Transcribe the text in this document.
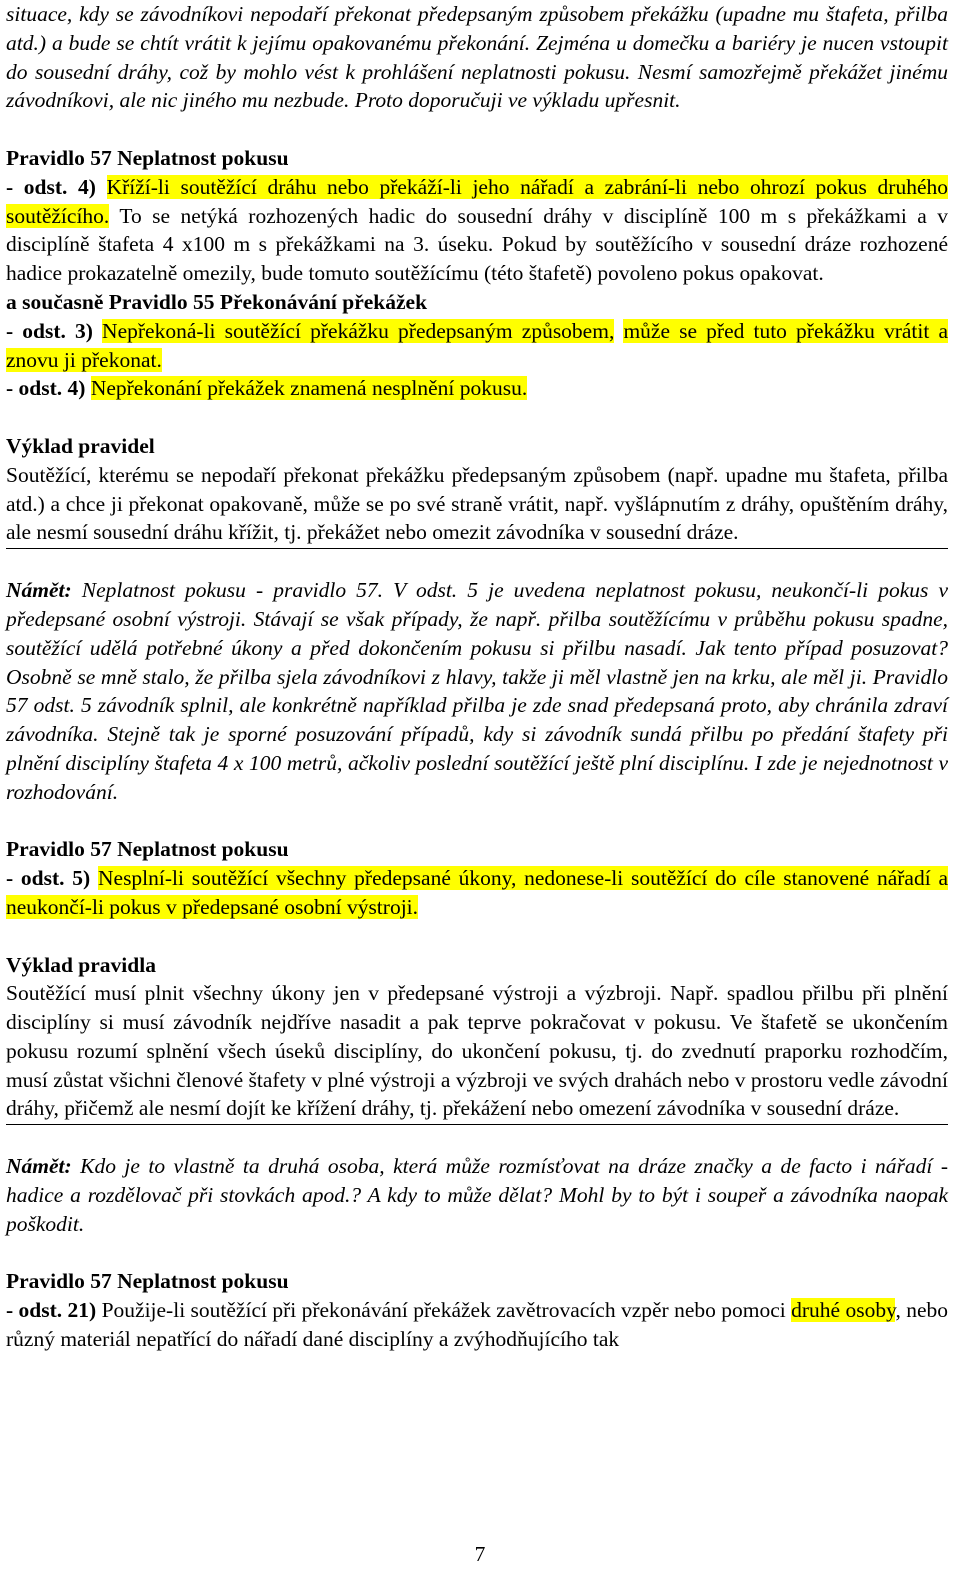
situace, kdy se závodníkovi nepodaří překonat předepsaným způsobem překážku (upadne mu štafeta, přilba atd.) a bude se chtít vrátit k jejímu opakovanému překonání. Zejména u domečku a bariéry je nucen vstoupit do sousední dráhy, což by mohlo vést k prohlášení neplatnosti pokusu. Nesmí samozřejmě překážet jinému závodníkovi, ale nic jiného mu nezbude. Proto doporučuji ve výkladu upřesnit.

Pravidlo 57 Neplatnost pokusu

- odst. 4) Kříží-li soutěžící dráhu nebo překáží-li jeho nářadí a zabrání-li nebo ohrozí pokus druhého soutěžícího. To se netýká rozhozených hadic do sousední dráhy v disciplíně 100 m s překážkami a v disciplíně štafeta 4 x100 m s překážkami na 3. úseku. Pokud by soutěžícího v sousední dráze rozhozené hadice prokazatelně omezily, bude tomuto soutěžícímu (této štafetě) povoleno pokus opakovat.

a současně Pravidlo 55 Překonávání překážek

- odst. 3) Nepřekoná-li soutěžící překážku předepsaným způsobem, může se před tuto překážku vrátit a znovu ji překonat.

- odst. 4) Nepřekonání překážek znamená nesplnění pokusu.

Výklad pravidel

Soutěžící, kterému se nepodaří překonat překážku předepsaným způsobem (např. upadne mu štafeta, přilba atd.) a chce ji překonat opakovaně, může se po své straně vrátit, např. vyšlápnutím z dráhy, opuštěním dráhy, ale nesmí sousední dráhu křížit, tj. překážet nebo omezit závodníka v sousední dráze.

Námět: Neplatnost pokusu - pravidlo 57. V odst. 5 je uvedena neplatnost pokusu, neukončí-li pokus v předepsané osobní výstroji. Stávají se však případy, že např. přilba soutěžícímu v průběhu pokusu spadne, soutěžící udělá potřebné úkony a před dokončením pokusu si přilbu nasadí. Jak tento případ posuzovat? Osobně se mně stalo, že přilba sjela závodníkovi z hlavy, takže ji měl vlastně jen na krku, ale měl ji. Pravidlo 57 odst. 5 závodník splnil, ale konkrétně například přilba je zde snad předepsaná proto, aby chránila zdraví závodníka. Stejně tak je sporné posuzování případů, kdy si závodník sundá přilbu po předání štafety při plnění disciplíny štafeta 4 x 100 metrů, ačkoliv poslední soutěžící ještě plní disciplínu. I zde je nejednotnost v rozhodování.

Pravidlo 57 Neplatnost pokusu

- odst. 5) Nesplní-li soutěžící všechny předepsané úkony, nedonese-li soutěžící do cíle stanovené nářadí a neukončí-li pokus v předepsané osobní výstroji.

Výklad pravidla

Soutěžící musí plnit všechny úkony jen v předepsané výstroji a výzbroji. Např. spadlou přilbu při plnění disciplíny si musí závodník nejdříve nasadit a pak teprve pokračovat v pokusu. Ve štafetě se ukončením pokusu rozumí splnění všech úseků disciplíny, do ukončení pokusu, tj. do zvednutí praporku rozhodčím, musí zůstat všichni členové štafety v plné výstroji a výzbroji ve svých drahách nebo v prostoru vedle závodní dráhy, přičemž ale nesmí dojít ke křížení dráhy, tj. překážení nebo omezení závodníka v sousední dráze.

Námět: Kdo je to vlastně ta druhá osoba, která může rozmísťovat na dráze značky a de facto i nářadí - hadice a rozdělovač při stovkách apod.? A kdy to může dělat? Mohl by to být i soupeř a závodníka naopak poškodit.

Pravidlo 57 Neplatnost pokusu

- odst. 21) Použije-li soutěžící při překonávání překážek zavětrovacích vzpěr nebo pomoci druhé osoby, nebo různý materiál nepatřící do nářadí dané disciplíny a zvýhodňujícího tak

7
